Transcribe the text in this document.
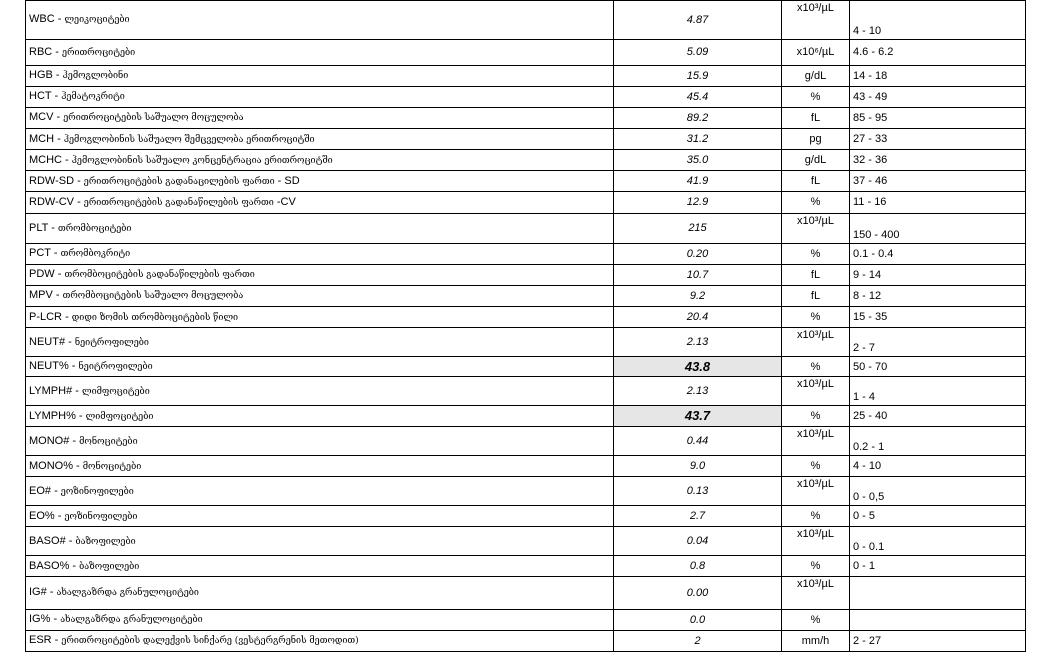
WBC - ლეიკოციტები	4.87	x10³/µL	4 - 10
RBC - ერითროციტები	5.09	x10⁶/µL	4.6 - 6.2
HGB - ჰემოგლობინი	15.9	g/dL	14 - 18
HCT - ჰემატოკრიტი	45.4	%	43 - 49
MCV - ერითროციტების საშუალო მოცულობა	89.2	fL	85 - 95
MCH - ჰემოგლობინის საშუალო შემცველობა ერითროციტში	31.2	pg	27 - 33
MCHC - ჰემოგლობინის საშუალო კონცენტრაცია ერითროციტში	35.0	g/dL	32 - 36
RDW-SD - ერითროციტების გადანაცილების ფართი - SD	41.9	fL	37 - 46
RDW-CV - ერითროციტების გადანაწილების ფართი -CV	12.9	%	11 - 16
PLT - თრომბოციტები	215	x10³/µL	150 - 400
PCT - თრომბოკრიტი	0.20	%	0.1 - 0.4
PDW - თრომბოციტების გადანაწილების ფართი	10.7	fL	9 - 14
MPV - თრომბოციტების საშუალო მოცულობა	9.2	fL	8 - 12
P-LCR - დიდი ზომის თრომბოციტების წილი	20.4	%	15 - 35
NEUT# - ნეიტროფილები	2.13	x10³/µL	2 - 7
NEUT% - ნეიტროფილები	43.8	%	50 - 70
LYMPH# - ლიმფოციტები	2.13	x10³/µL	1 - 4
LYMPH% - ლიმფოციტები	43.7	%	25 - 40
MONO# - მონოციტები	0.44	x10³/µL	0.2 - 1
MONO% - მონოციტები	9.0	%	4 - 10
EO# - ეოზინოფილები	0.13	x10³/µL	0 - 0,5
EO% - ეოზინოფილები	2.7	%	0 - 5
BASO# - ბაზოფილები	0.04	x10³/µL	0 - 0.1
BASO% - ბაზოფილები	0.8	%	0 - 1
IG# - ახალგაზრდა გრანულოციტები	0.00	x10³/µL	
IG% - ახალგაზრდა გრანულოციტები	0.0	%	
ESR - ერითროციტების დალექვის სიჩქარე (ვესტერგრენის მეთოდით)	2	mm/h	2 - 27
